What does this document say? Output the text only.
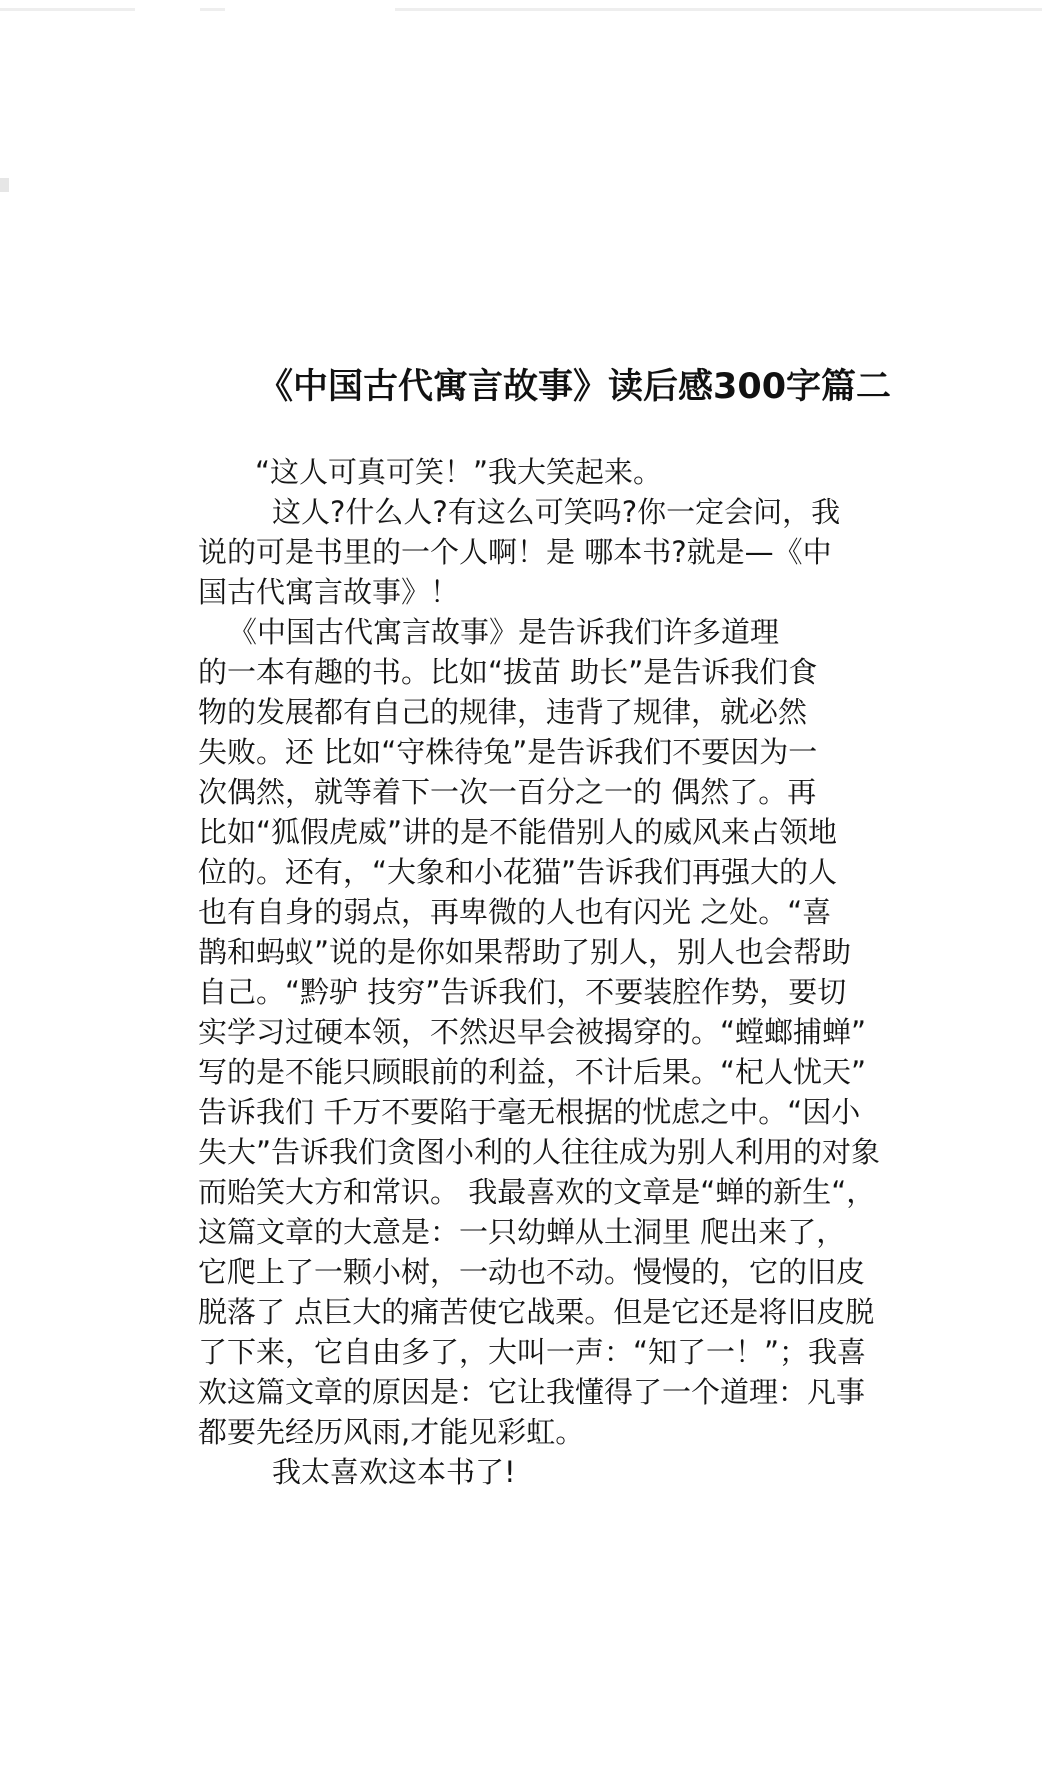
《中国古代寓言故事》读后感300字篇二

“这人可真可笑！”我大笑起来。

这人?什么人?有这么可笑吗?你一定会问，我

说的可是书里的一个人啊！是 哪本书?就是—《中

国古代寓言故事》！

《中国古代寓言故事》是告诉我们许多道理

的一本有趣的书。比如“拔苗 助长”是告诉我们食

物的发展都有自己的规律，违背了规律，就必然

失败。还 比如“守株待兔”是告诉我们不要因为一

次偶然，就等着下一次一百分之一的 偶然了。再

比如“狐假虎威”讲的是不能借别人的威风来占领地

位的。还有，“大象和小花猫”告诉我们再强大的人

也有自身的弱点，再卑微的人也有闪光 之处。“喜

鹊和蚂蚁”说的是你如果帮助了别人，别人也会帮助

自己。“黔驴 技穷”告诉我们，不要装腔作势，要切

实学习过硬本领，不然迟早会被揭穿的。“螳螂捕蝉”

写的是不能只顾眼前的利益，不计后果。“杞人忧天”

告诉我们 千万不要陷于毫无根据的忧虑之中。“因小

失大”告诉我们贪图小利的人往往成为别人利用的对象

而贻笑大方和常识。 我最喜欢的文章是“蝉的新生“，

这篇文章的大意是：一只幼蝉从土洞里 爬出来了，

它爬上了一颗小树，一动也不动。慢慢的，它的旧皮

脱落了 点巨大的痛苦使它战栗。但是它还是将旧皮脱

了下来，它自由多了，大叫一声：“知了一！”；我喜

欢这篇文章的原因是：它让我懂得了一个道理：凡事

都要先经历风雨,才能见彩虹。

我太喜欢这本书了!
